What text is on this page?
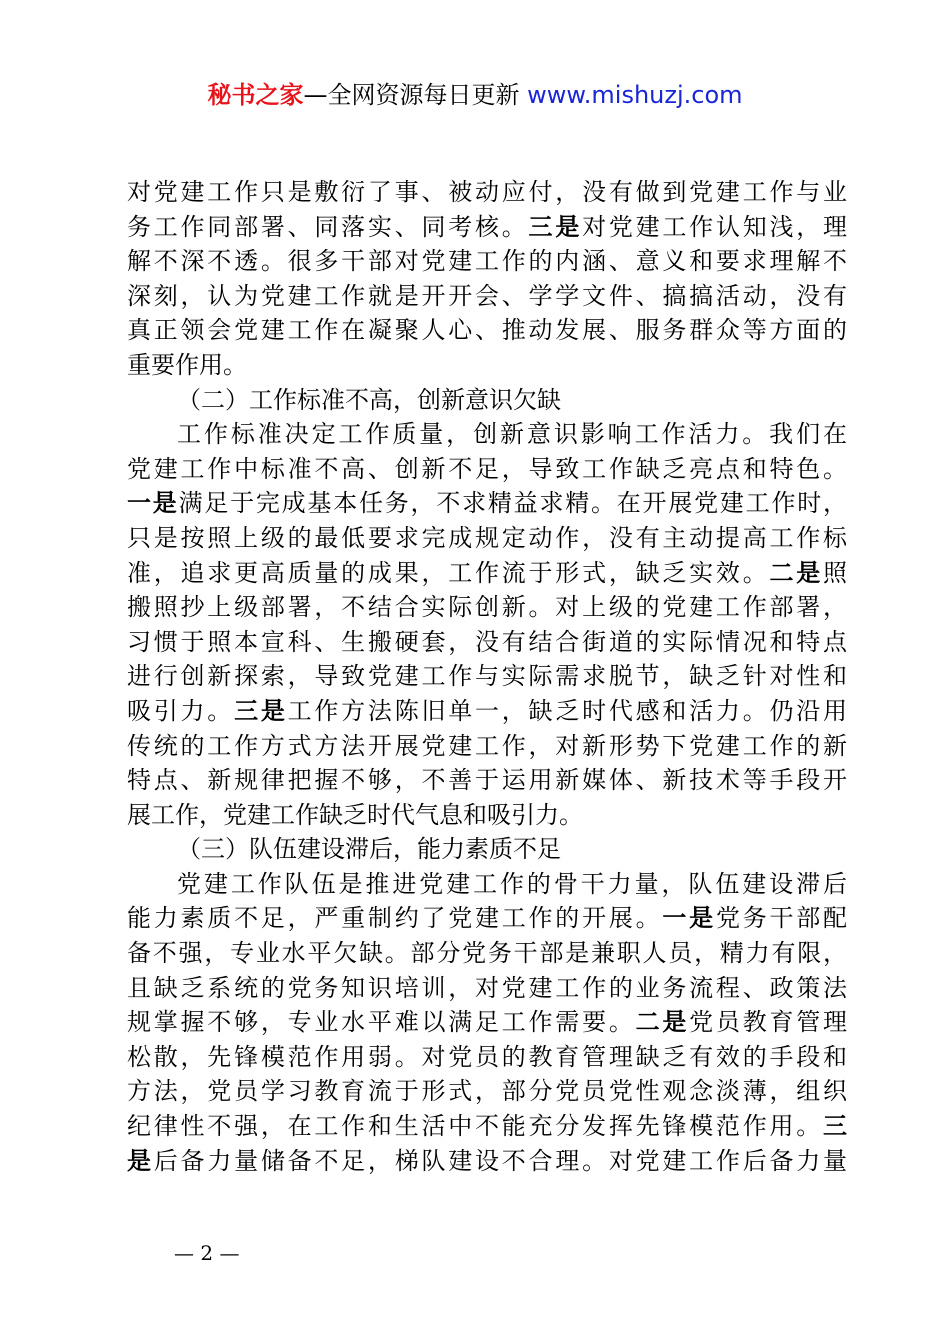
秘书之家—全网资源每日更新 www.mishuzj.com
对党建工作只是敷衍了事、被动应付，没有做到党建工作与业
务工作同部署、同落实、同考核。三是对党建工作认知浅，理
解不深不透。很多干部对党建工作的内涵、意义和要求理解不
深刻，认为党建工作就是开开会、学学文件、搞搞活动，没有
真正领会党建工作在凝聚人心、推动发展、服务群众等方面的
重要作用。
（二）工作标准不高，创新意识欠缺
工作标准决定工作质量，创新意识影响工作活力。我们在
党建工作中标准不高、创新不足，导致工作缺乏亮点和特色。
一是满足于完成基本任务，不求精益求精。在开展党建工作时，
只是按照上级的最低要求完成规定动作，没有主动提高工作标
准，追求更高质量的成果，工作流于形式，缺乏实效。二是照
搬照抄上级部署，不结合实际创新。对上级的党建工作部署，
习惯于照本宣科、生搬硬套，没有结合街道的实际情况和特点
进行创新探索，导致党建工作与实际需求脱节，缺乏针对性和
吸引力。三是工作方法陈旧单一，缺乏时代感和活力。仍沿用
传统的工作方式方法开展党建工作，对新形势下党建工作的新
特点、新规律把握不够，不善于运用新媒体、新技术等手段开
展工作，党建工作缺乏时代气息和吸引力。
（三）队伍建设滞后，能力素质不足
党建工作队伍是推进党建工作的骨干力量，队伍建设滞后
能力素质不足，严重制约了党建工作的开展。一是党务干部配
备不强，专业水平欠缺。部分党务干部是兼职人员，精力有限，
且缺乏系统的党务知识培训，对党建工作的业务流程、政策法
规掌握不够，专业水平难以满足工作需要。二是党员教育管理
松散，先锋模范作用弱。对党员的教育管理缺乏有效的手段和
方法，党员学习教育流于形式，部分党员党性观念淡薄，组织
纪律性不强，在工作和生活中不能充分发挥先锋模范作用。三
是后备力量储备不足，梯队建设不合理。对党建工作后备力量
— 2 —
